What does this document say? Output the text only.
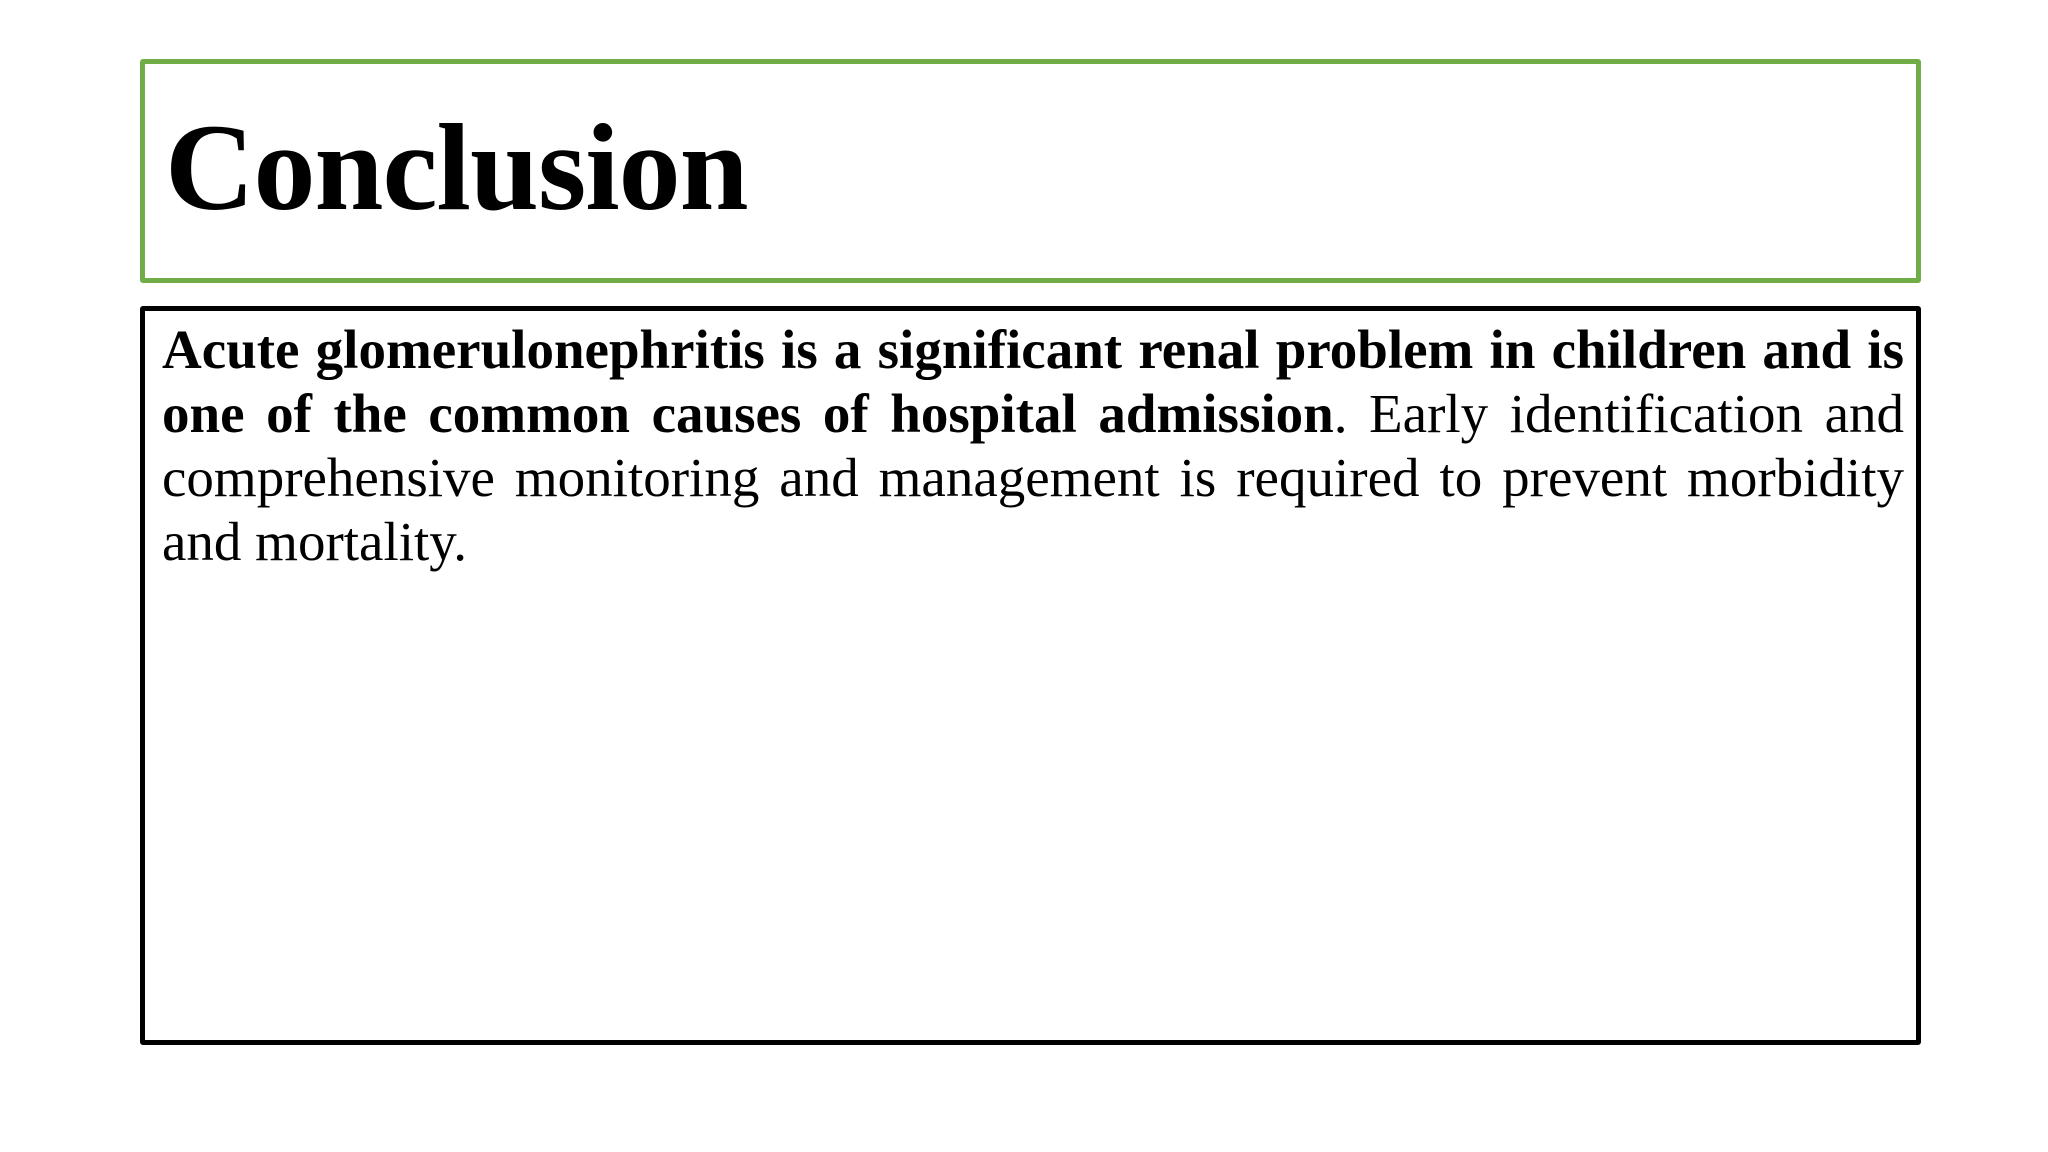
Conclusion

Acute glomerulonephritis is a significant renal problem in children and is one of the common causes of hospital admission. Early identification and comprehensive monitoring and management is required to prevent morbidity and mortality.
